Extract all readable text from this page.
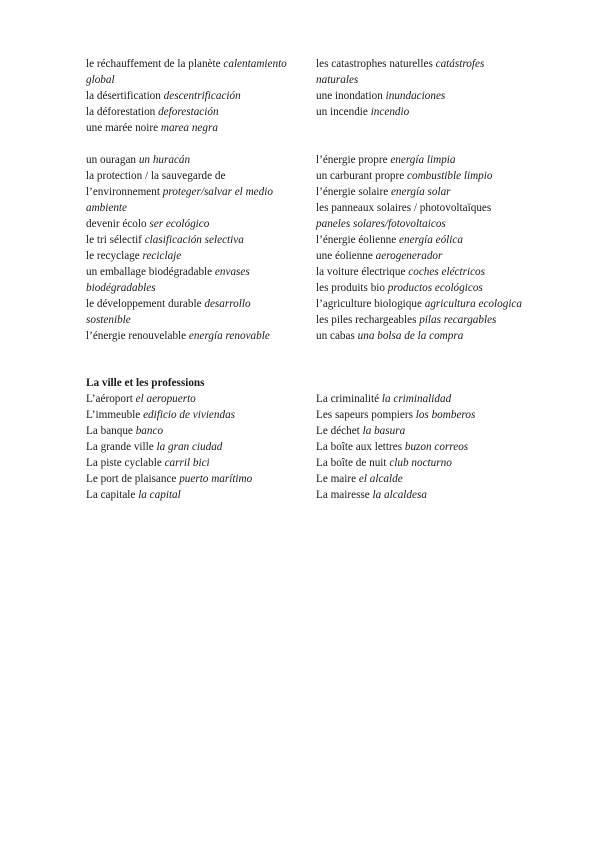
le réchauffement de la planète calentamiento global
la désertification descentrificación
la déforestation deforestación
une marée noire marea negra
les catastrophes naturelles catástrofes naturales
une inondation inundaciones
un incendie incendio
un ouragan un huracán
la protection / la sauvegarde de l’environnement proteger/salvar el medio ambiente
devenir écolo ser ecológico
le tri sélectif clasificación selectiva
le recyclage reciclaje
un emballage biodégradable envases biodégradables
le développement durable desarrollo sostenible
l’énergie renouvelable energía renovable
l’énergie propre energía limpia
un carburant propre combustible limpio
l’énergie solaire energía solar
les panneaux solaires / photovoltaïques paneles solares/fotovoltaicos
l’énergie éolienne energía eólica
une éolienne aerogenerador
la voiture électrique coches eléctricos
les produits bio productos ecológicos
l’agriculture biologique agricultura ecologica
les piles rechargeables pilas recargables
un cabas una bolsa de la compra
La ville et les professions
L’aéroport el aeropuerto
L’immeuble edificio de viviendas
La banque banco
La grande ville la gran ciudad
La piste cyclable carril bici
Le port de plaisance puerto marítimo
La capitale la capital
La criminalité la criminalidad
Les sapeurs pompiers los bomberos
Le déchet la basura
La boîte aux lettres buzon correos
La boîte de nuit club nocturno
Le maire el alcalde
La mairesse la alcaldesa
